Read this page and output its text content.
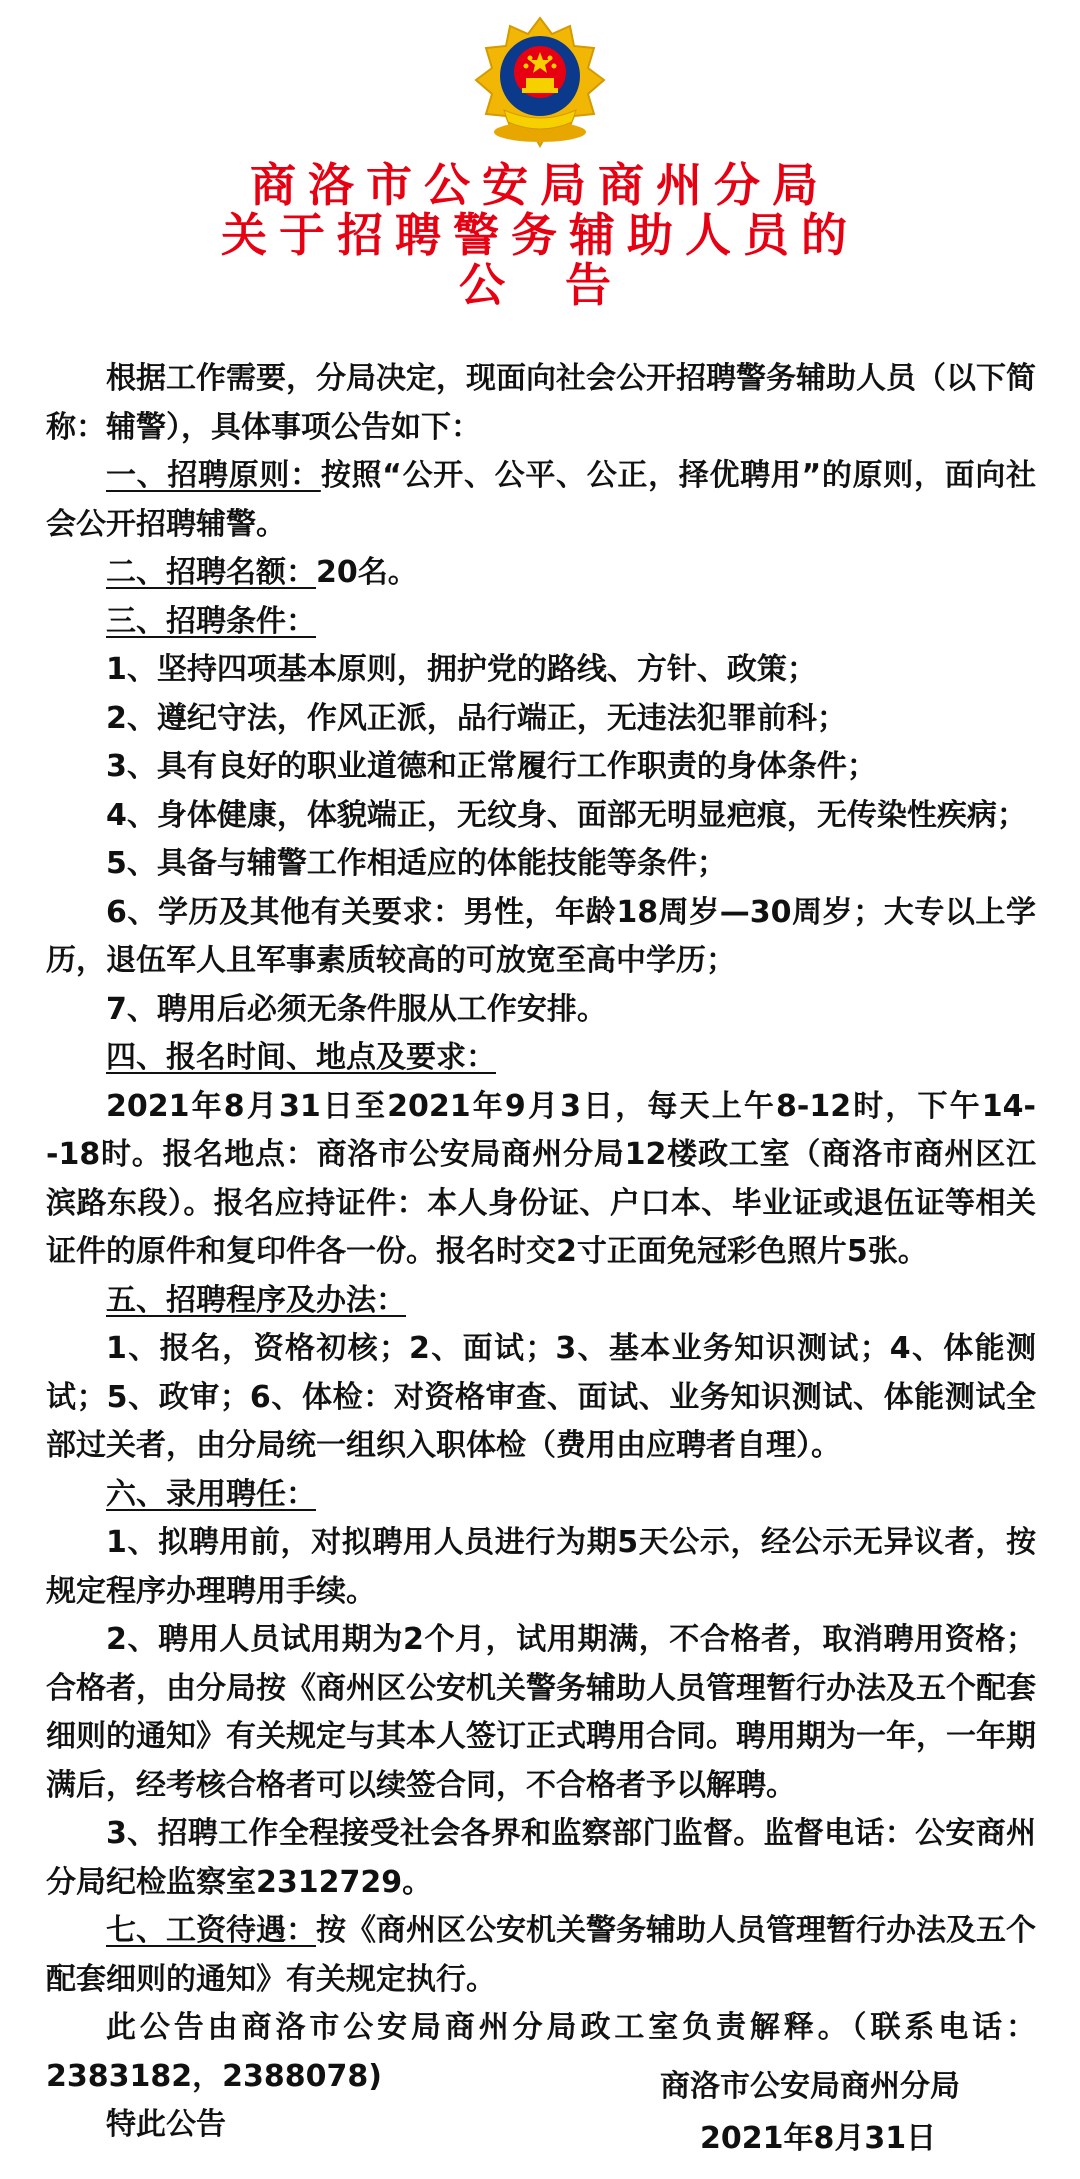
商洛市公安局商州分局
关于招聘警务辅助人员的
公告

根据工作需要，分局决定，现面向社会公开招聘警务辅助人员（以下简称：辅警），具体事项公告如下：

一、招聘原则：按照“公开、公平、公正，择优聘用”的原则，面向社会公开招聘辅警。

二、招聘名额：20名。

三、招聘条件：

1、坚持四项基本原则，拥护党的路线、方针、政策；

2、遵纪守法，作风正派，品行端正，无违法犯罪前科；

3、具有良好的职业道德和正常履行工作职责的身体条件；

4、身体健康，体貌端正，无纹身、面部无明显疤痕，无传染性疾病；

5、具备与辅警工作相适应的体能技能等条件；

6、学历及其他有关要求：男性，年龄18周岁—30周岁；大专以上学历，退伍军人且军事素质较高的可放宽至高中学历；

7、聘用后必须无条件服从工作安排。

四、报名时间、地点及要求：

2021年8月31日至2021年9月3日，每天上午8-12时，下午14--18时。报名地点：商洛市公安局商州分局12楼政工室（商洛市商州区江滨路东段）。报名应持证件：本人身份证、户口本、毕业证或退伍证等相关证件的原件和复印件各一份。报名时交2寸正面免冠彩色照片5张。

五、招聘程序及办法：

1、报名，资格初核；2、面试；3、基本业务知识测试；4、体能测试；5、政审；6、体检：对资格审查、面试、业务知识测试、体能测试全部过关者，由分局统一组织入职体检（费用由应聘者自理）。

六、录用聘任：

1、拟聘用前，对拟聘用人员进行为期5天公示，经公示无异议者，按规定程序办理聘用手续。

2、聘用人员试用期为2个月，试用期满，不合格者，取消聘用资格；合格者，由分局按《商州区公安机关警务辅助人员管理暂行办法及五个配套细则的通知》有关规定与其本人签订正式聘用合同。聘用期为一年，一年期满后，经考核合格者可以续签合同，不合格者予以解聘。

3、招聘工作全程接受社会各界和监察部门监督。监督电话：公安商州分局纪检监察室2312729。

七、工资待遇：按《商州区公安机关警务辅助人员管理暂行办法及五个配套细则的通知》有关规定执行。

此公告由商洛市公安局商州分局政工室负责解释。（联系电话：2383182，2388078)

特此公告

商洛市公安局商州分局
2021年8月31日
